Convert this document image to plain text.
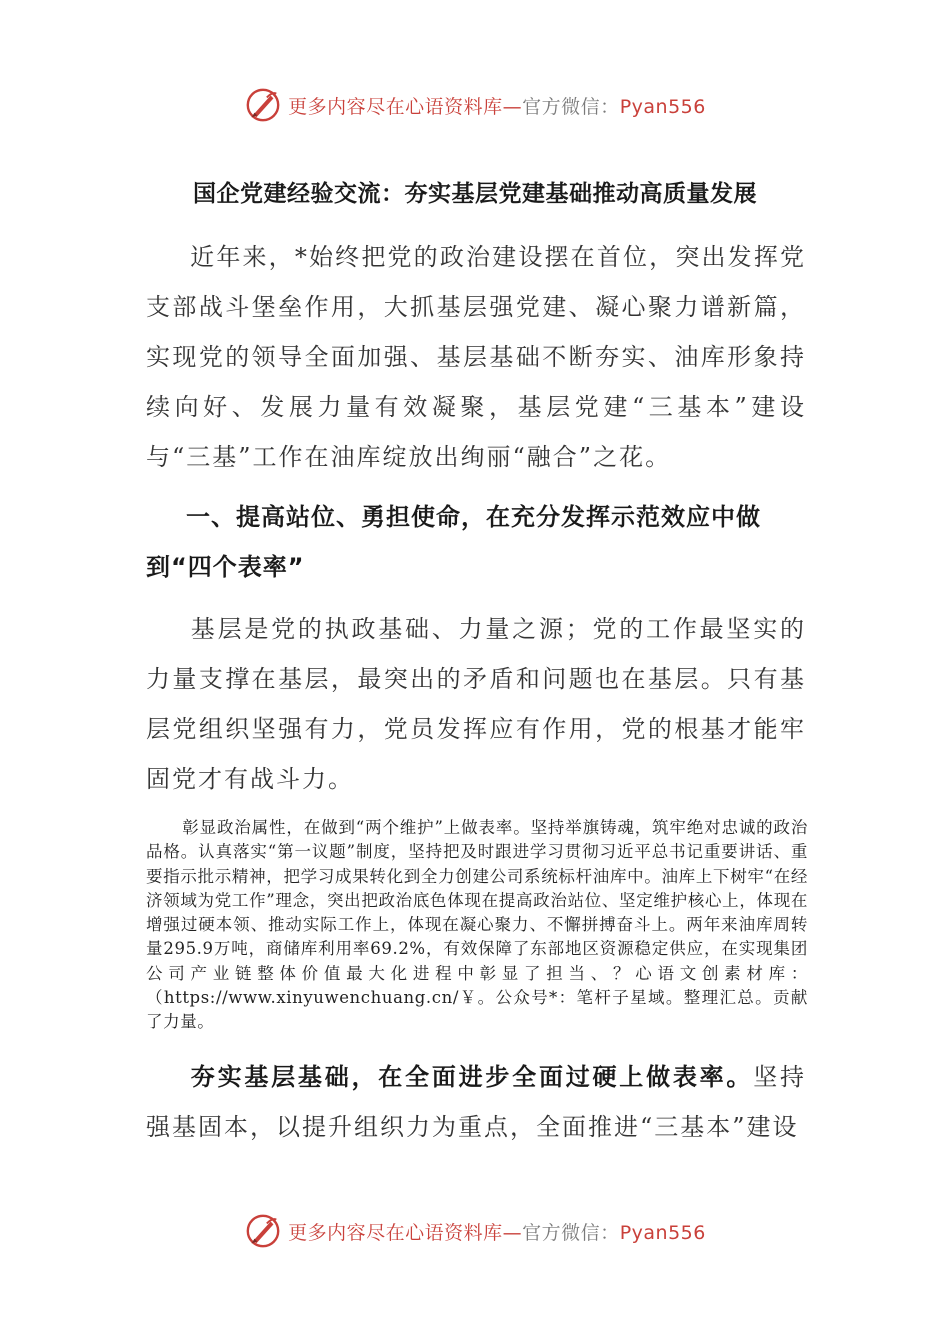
更多内容尽在心语资料库—官方微信：Pyan556
国企党建经验交流：夯实基层党建基础推动高质量发展
近年来，*始终把党的政治建设摆在首位，突出发挥党支部战斗堡垒作用，大抓基层强党建、凝心聚力谱新篇，实现党的领导全面加强、基层基础不断夯实、油库形象持续向好、发展力量有效凝聚，基层党建“三基本”建设与“三基”工作在油库绽放出绚丽“融合”之花。
一、提高站位、勇担使命，在充分发挥示范效应中做到“四个表率”
基层是党的执政基础、力量之源；党的工作最坚实的力量支撑在基层，最突出的矛盾和问题也在基层。只有基层党组织坚强有力，党员发挥应有作用，党的根基才能牢固党才有战斗力。
彰显政治属性，在做到“两个维护”上做表率。坚持举旗铸魂，筑牢绝对忠诚的政治品格。认真落实“第一议题”制度，坚持把及时跟进学习贯彻习近平总书记重要讲话、重要指示批示精神，把学习成果转化到全力创建公司系统标杆油库中。油库上下树牢“在经济领域为党工作”理念，突出把政治底色体现在提高政治站位、坚定维护核心上，体现在增强过硬本领、推动实际工作上，体现在凝心聚力、不懈拼搏奋斗上。两年来油库周转量295.9万吨，商储库利用率69.2%，有效保障了东部地区资源稳定供应，在实现集团公司产业链整体价值最大化进程中彰显了担当、？心语文创素材库：（https://www.xinyuwenchuang.cn/￥。公众号*：笔杆子星域。整理汇总。贡献了力量。
夯实基层基础，在全面进步全面过硬上做表率。坚持强基固本，以提升组织力为重点，全面推进“三基本”建设
更多内容尽在心语资料库—官方微信：Pyan556
